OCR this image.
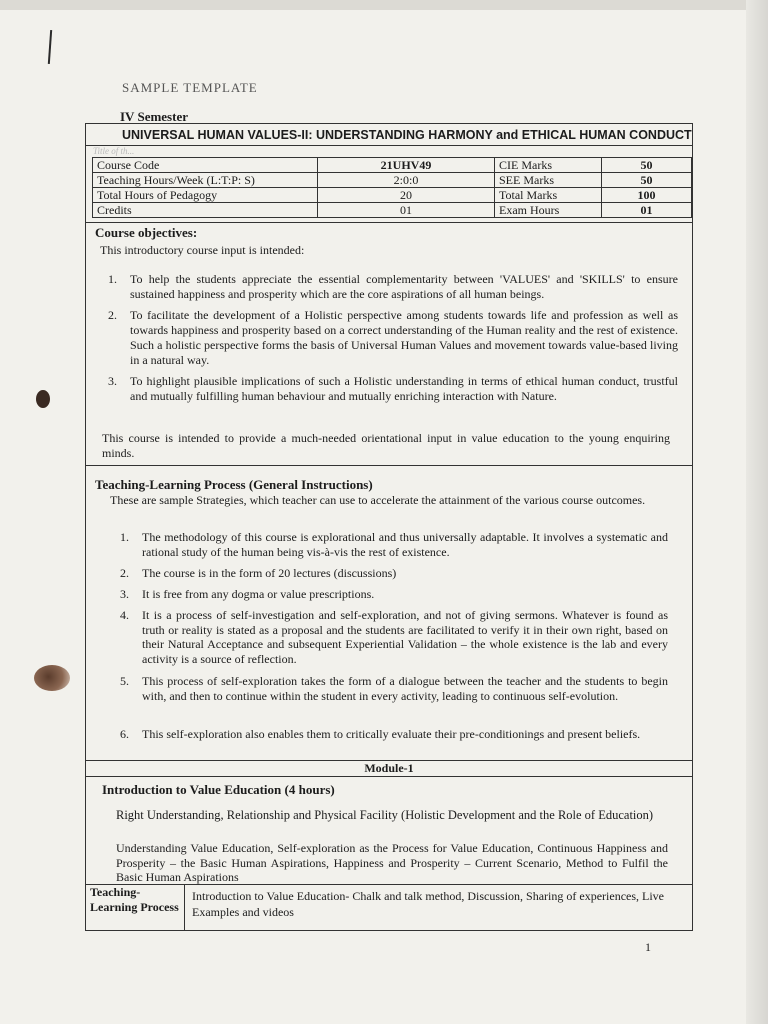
SAMPLE TEMPLATE
IV Semester
UNIVERSAL HUMAN VALUES-II: UNDERSTANDING HARMONY and ETHICAL HUMAN CONDUCT
Title of th...
Course Code	21UHV49	CIE Marks	50
Teaching Hours/Week (L:T:P: S)	2:0:0	SEE Marks	50
Total Hours of Pedagogy	20	Total Marks	100
Credits	01	Exam Hours	01
Course objectives:
This introductory course input is intended:
1. To help the students appreciate the essential complementarity between 'VALUES' and 'SKILLS' to ensure sustained happiness and prosperity which are the core aspirations of all human beings.
2. To facilitate the development of a Holistic perspective among students towards life and profession as well as towards happiness and prosperity based on a correct understanding of the Human reality and the rest of existence. Such a holistic perspective forms the basis of Universal Human Values and movement towards value-based living in a natural way.
3. To highlight plausible implications of such a Holistic understanding in terms of ethical human conduct, trustful and mutually fulfilling human behaviour and mutually enriching interaction with Nature.
This course is intended to provide a much-needed orientational input in value education to the young enquiring minds.
Teaching-Learning Process (General Instructions)
These are sample Strategies, which teacher can use to accelerate the attainment of the various course outcomes.
1. The methodology of this course is explorational and thus universally adaptable. It involves a systematic and rational study of the human being vis-à-vis the rest of existence.
2. The course is in the form of 20 lectures (discussions)
3. It is free from any dogma or value prescriptions.
4. It is a process of self-investigation and self-exploration, and not of giving sermons. Whatever is found as truth or reality is stated as a proposal and the students are facilitated to verify it in their own right, based on their Natural Acceptance and subsequent Experiential Validation – the whole existence is the lab and every activity is a source of reflection.
5. This process of self-exploration takes the form of a dialogue between the teacher and the students to begin with, and then to continue within the student in every activity, leading to continuous self-evolution.
6. This self-exploration also enables them to critically evaluate their pre-conditionings and present beliefs.
Module-1
Introduction to Value Education (4 hours)
Right Understanding, Relationship and Physical Facility (Holistic Development and the Role of Education)
Understanding Value Education, Self-exploration as the Process for Value Education, Continuous Happiness and Prosperity – the Basic Human Aspirations, Happiness and Prosperity – Current Scenario, Method to Fulfil the Basic Human Aspirations
Teaching-Learning Process
Introduction to Value Education- Chalk and talk method, Discussion, Sharing of experiences, Live Examples and videos
1
